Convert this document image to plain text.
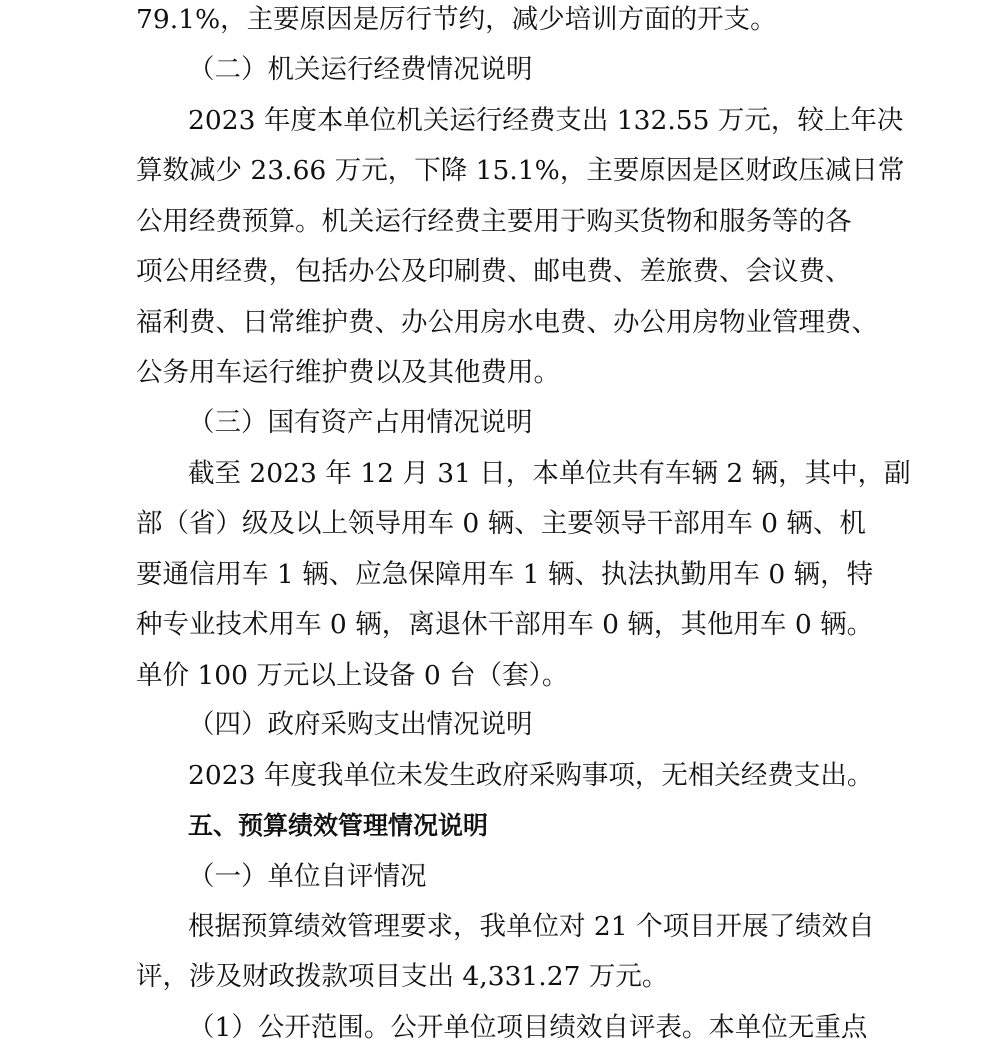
79.1%，主要原因是厉行节约，减少培训方面的开支。
（二）机关运行经费情况说明
2023 年度本单位机关运行经费支出 132.55 万元，较上年决
算数减少 23.66 万元，下降 15.1%，主要原因是区财政压减日常
公用经费预算。机关运行经费主要用于购买货物和服务等的各
项公用经费，包括办公及印刷费、邮电费、差旅费、会议费、
福利费、日常维护费、办公用房水电费、办公用房物业管理费、
公务用车运行维护费以及其他费用。
（三）国有资产占用情况说明
截至 2023 年 12 月 31 日，本单位共有车辆 2 辆，其中，副
部（省）级及以上领导用车 0 辆、主要领导干部用车 0 辆、机
要通信用车 1 辆、应急保障用车 1 辆、执法执勤用车 0 辆，特
种专业技术用车 0 辆，离退休干部用车 0 辆，其他用车 0 辆。
单价 100 万元以上设备 0 台（套）。
（四）政府采购支出情况说明
2023 年度我单位未发生政府采购事项，无相关经费支出。
五、预算绩效管理情况说明
（一）单位自评情况
根据预算绩效管理要求，我单位对 21 个项目开展了绩效自
评，涉及财政拨款项目支出 4,331.27 万元。
（1）公开范围。公开单位项目绩效自评表。本单位无重点
